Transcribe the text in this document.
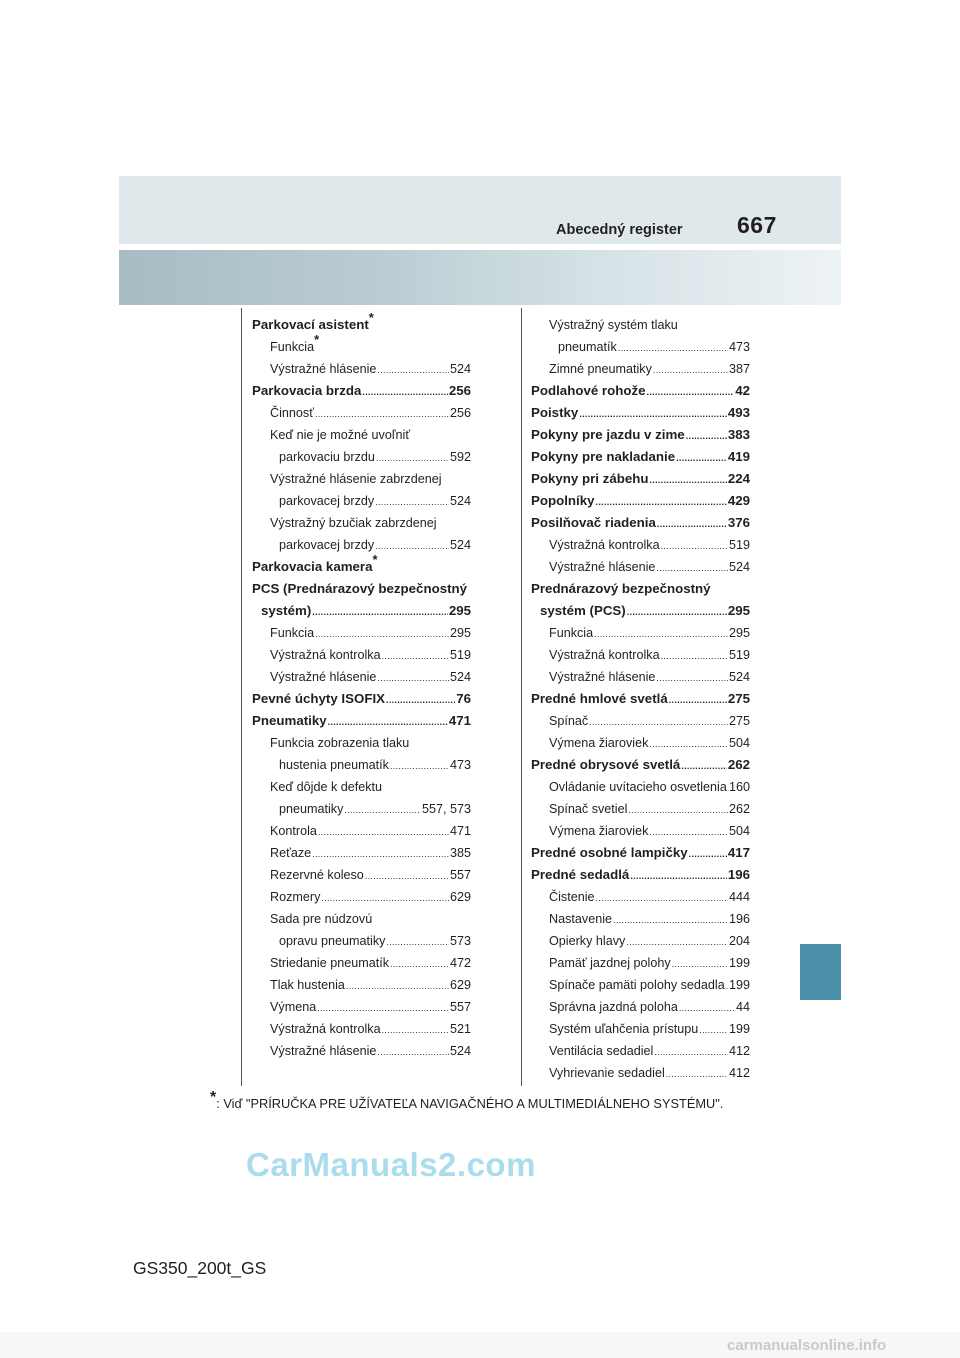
Abecedný register 667
Parkovací asistent*
Funkcia*
Výstražné hlásenie .....	524
Parkovacia brzda .....	256
Činnosť .....	256
Keď nie je možné uvoľniť
parkovaciu brzdu .....	592
Výstražné hlásenie zabrzdenej
parkovacej brzdy .....	524
Výstražný bzučiak zabrzdenej
parkovacej brzdy .....	524
Parkovacia kamera*
PCS (Prednárazový bezpečnostný
systém) .....	295
Funkcia .....	295
Výstražná kontrolka .....	519
Výstražné hlásenie .....	524
Pevné úchyty ISOFIX .....	76
Pneumatiky .....	471
Funkcia zobrazenia tlaku
hustenia pneumatík .....	473
Keď dôjde k defektu
pneumatiky .....	557, 573
Kontrola .....	471
Reťaze .....	385
Rezervné koleso .....	557
Rozmery .....	629
Sada pre núdzovú
opravu pneumatiky .....	573
Striedanie pneumatík .....	472
Tlak hustenia .....	629
Výmena .....	557
Výstražná kontrolka .....	521
Výstražné hlásenie .....	524
Výstražný systém tlaku
pneumatík .....	473
Zimné pneumatiky .....	387
Podlahové rohože .....	42
Poistky .....	493
Pokyny pre jazdu v zime .....	383
Pokyny pre nakladanie .....	419
Pokyny pri zábehu .....	224
Popolníky .....	429
Posilňovač riadenia .....	376
Výstražná kontrolka .....	519
Výstražné hlásenie .....	524
Prednárazový bezpečnostný
systém (PCS) .....	295
Funkcia .....	295
Výstražná kontrolka .....	519
Výstražné hlásenie .....	524
Predné hmlové svetlá .....	275
Spínač .....	275
Výmena žiaroviek .....	504
Predné obrysové svetlá .....	262
Ovládanie uvítacieho osvetlenia ..... 160
Spínač svetiel .....	262
Výmena žiaroviek .....	504
Predné osobné lampičky .....	417
Predné sedadlá .....	196
Čistenie .....	444
Nastavenie .....	196
Opierky hlavy .....	204
Pamäť jazdnej polohy .....	199
Spínače pamäti polohy sedadla ..... 199
Správna jazdná poloha .....	44
Systém uľahčenia prístupu ..... 199
Ventilácia sedadiel .....	412
Vyhrievanie sedadiel .....	412
*: Viď "PRÍRUČKA PRE UŽÍVATEĽA NAVIGAČNÉHO A MULTIMEDIÁLNEHO SYSTÉMU".
CarManuals2.com
GS350_200t_GS
carmanualsonline.info
